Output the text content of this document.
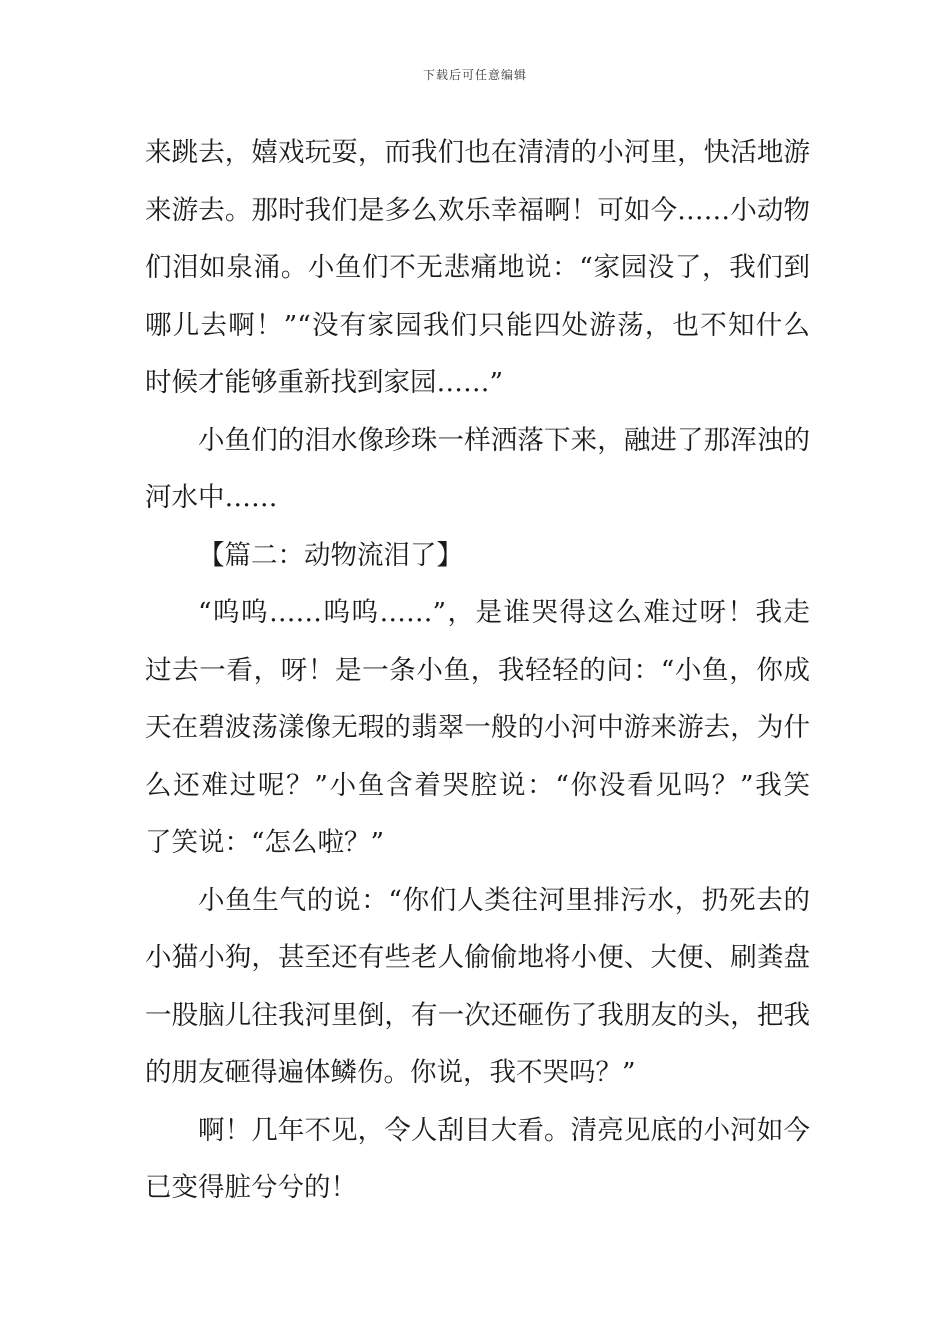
下载后可任意编辑
来跳去，嬉戏玩耍，而我们也在清清的小河里，快活地游
来游去。那时我们是多么欢乐幸福啊！可如今……小动物
们泪如泉涌。小鱼们不无悲痛地说：“家园没了，我们到
哪儿去啊！”“没有家园我们只能四处游荡，也不知什么
时候才能够重新找到家园……”
小鱼们的泪水像珍珠一样洒落下来，融进了那浑浊的
河水中……
【篇二：动物流泪了】
“呜呜……呜呜……”，是谁哭得这么难过呀！我走
过去一看，呀！是一条小鱼，我轻轻的问：“小鱼，你成
天在碧波荡漾像无瑕的翡翠一般的小河中游来游去，为什
么还难过呢？”小鱼含着哭腔说：“你没看见吗？”我笑
了笑说：“怎么啦？”
小鱼生气的说：“你们人类往河里排污水，扔死去的
小猫小狗，甚至还有些老人偷偷地将小便、大便、刷粪盘
一股脑儿往我河里倒，有一次还砸伤了我朋友的头，把我
的朋友砸得遍体鳞伤。你说，我不哭吗？”
啊！几年不见，令人刮目大看。清亮见底的小河如今
已变得脏兮兮的！
